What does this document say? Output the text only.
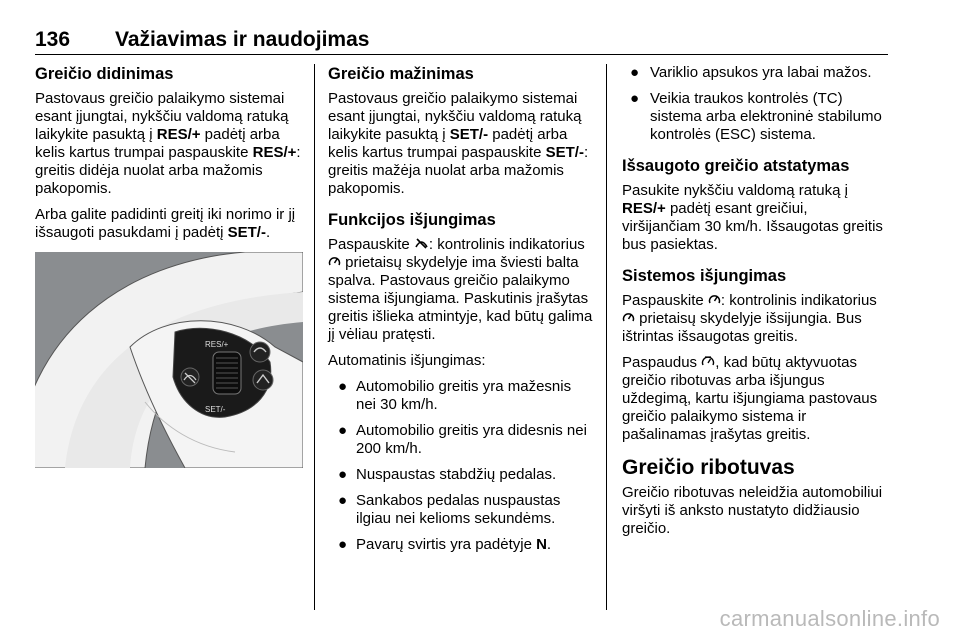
136 Važiavimas ir naudojimas
Greičio didinimas

Pastovaus greičio palaikymo sistemai esant įjungtai, nykščiu valdomą ratuką laikykite pasuktą į RES/+ padėtį arba kelis kartus trumpai paspauskite RES/+: greitis didėja nuolat arba mažomis pakopomis.

Arba galite padidinti greitį iki norimo ir jį išsaugoti pasukdami į padėtį SET/-.

RES/+
SET/-
Greičio mažinimas

Pastovaus greičio palaikymo sistemai esant įjungtai, nykščiu valdomą ratuką laikykite pasuktą į SET/- padėtį arba kelis kartus trumpai paspauskite SET/-: greitis mažėja nuolat arba mažomis pakopomis.

Funkcijos išjungimas

Paspauskite : kontrolinis indikatorius  prietaisų skydelyje ima šviesti balta spalva. Pastovaus greičio palaikymo sistema išjungiama. Paskutinis įrašytas greitis išlieka atmintyje, kad būtų galima jį vėliau pratęsti.

Automatinis išjungimas:

● Automobilio greitis yra mažesnis nei 30 km/h.
● Automobilio greitis yra didesnis nei 200 km/h.
● Nuspaustas stabdžių pedalas.
● Sankabos pedalas nuspaustas ilgiau nei kelioms sekundėms.
● Pavarų svirtis yra padėtyje N.
● Variklio apsukos yra labai mažos.
● Veikia traukos kontrolės (TC) sistema arba elektroninė stabilumo kontrolės (ESC) sistema.
Išsaugoto greičio atstatymas

Pasukite nykščiu valdomą ratuką į RES/+ padėtį esant greičiui, viršijančiam 30 km/h. Išsaugotas greitis bus pasiektas.

Sistemos išjungimas

Paspauskite : kontrolinis indikatorius  prietaisų skydelyje išsijungia. Bus ištrintas išsaugotas greitis.

Paspaudus , kad būtų aktyvuotas greičio ribotuvas arba išjungus uždegimą, kartu išjungiama pastovaus greičio palaikymo sistema ir pašalinamas įrašytas greitis.

Greičio ribotuvas

Greičio ribotuvas neleidžia automobiliui viršyti iš anksto nustatyto didžiausio greičio.

carmanualsonline.info
